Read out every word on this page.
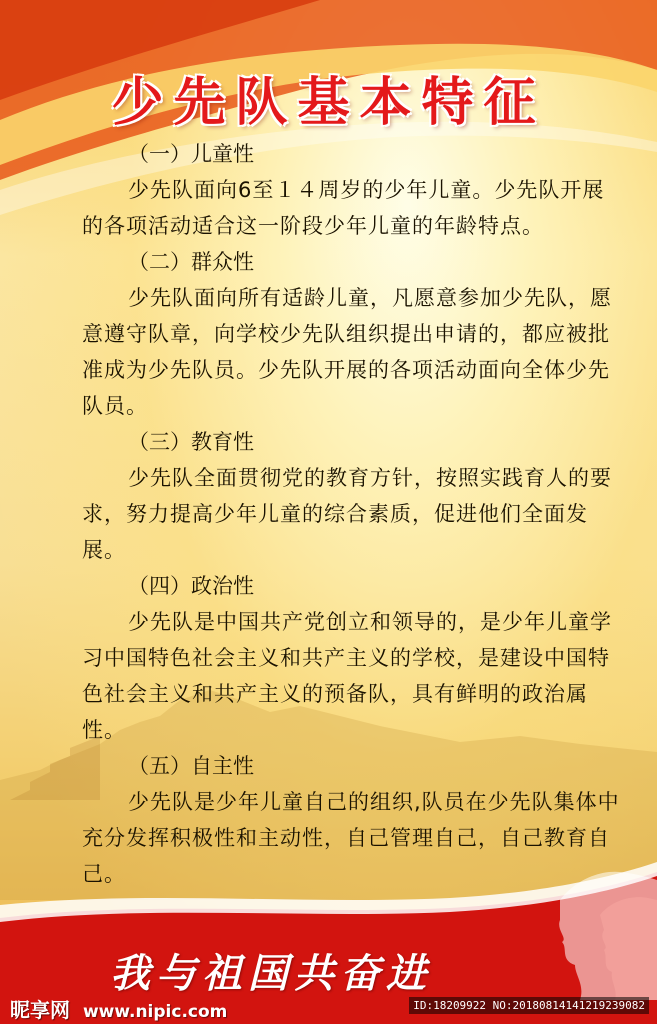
少先队基本特征
（一）儿童性
少先队面向6至１４周岁的少年儿童。少先队开展的各项活动适合这一阶段少年儿童的年龄特点。
（二）群众性
少先队面向所有适龄儿童，凡愿意参加少先队，愿意遵守队章，向学校少先队组织提出申请的，都应被批准成为少先队员。少先队开展的各项活动面向全体少先队员。
（三）教育性
少先队全面贯彻党的教育方针，按照实践育人的要求，努力提高少年儿童的综合素质，促进他们全面发展。
（四）政治性
少先队是中国共产党创立和领导的，是少年儿童学习中国特色社会主义和共产主义的学校，是建设中国特色社会主义和共产主义的预备队，具有鲜明的政治属性。
（五）自主性
少先队是少年儿童自己的组织,队员在少先队集体中充分发挥积极性和主动性，自己管理自己，自己教育自己。
我与祖国共奋进
昵享网 www.nipic.com	ID:18209922 NO:20180814141219239082
